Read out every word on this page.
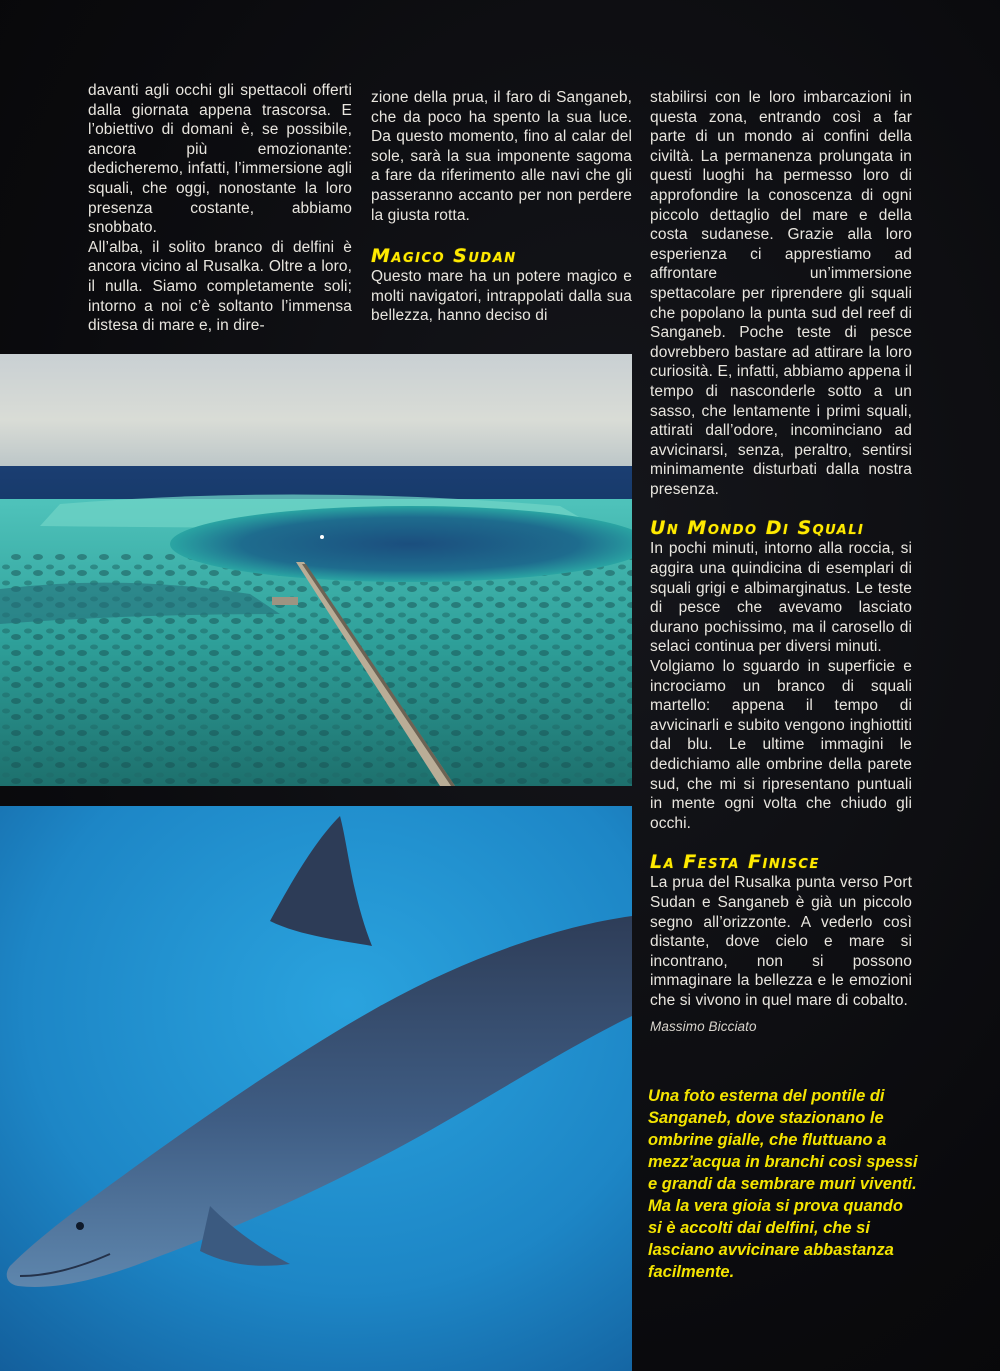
davanti agli occhi gli spettacoli offerti dalla giornata appena trascorsa. E l’obiettivo di domani è, se possibile, ancora più emozionante: dedicheremo, infatti, l’immersione agli squali, che oggi, nonostante la loro presenza costante, abbiamo snobbato.

All’alba, il solito branco di delfini è ancora vicino al Rusalka. Oltre a loro, il nulla. Siamo completamente soli; intorno a noi c’è soltanto l’immensa distesa di mare e, in dire-

zione della prua, il faro di Sanganeb, che da poco ha spento la sua luce. Da questo momento, fino al calar del sole, sarà la sua imponente sagoma a fare da riferimento alle navi che gli passeranno accanto per non perdere la giusta rotta.

Magico Sudan

Questo mare ha un potere magico e molti navigatori, intrappolati dalla sua bellezza, hanno deciso di

stabilirsi con le loro imbarcazioni in questa zona, entrando così a far parte di un mondo ai confini della civiltà. La permanenza prolungata in questi luoghi ha permesso loro di approfondire la conoscenza di ogni piccolo dettaglio del mare e della costa sudanese. Grazie alla loro esperienza ci apprestiamo ad affrontare un’immersione spettacolare per riprendere gli squali che popolano la punta sud del reef di Sanganeb. Poche teste di pesce dovrebbero bastare ad attirare la loro curiosità. E, infatti, abbiamo appena il tempo di nasconderle sotto a un sasso, che lentamente i primi squali, attirati dall’odore, incominciano ad avvicinarsi, senza, peraltro, sentirsi minimamente disturbati dalla nostra presenza.

Un Mondo Di Squali

In pochi minuti, intorno alla roccia, si aggira una quindicina di esemplari di squali grigi e albimarginatus. Le teste di pesce che avevamo lasciato durano pochissimo, ma il carosello di selaci continua per diversi minuti.

Volgiamo lo sguardo in superficie e incrociamo un branco di squali martello: appena il tempo di avvicinarli e subito vengono inghiottiti dal blu. Le ultime immagini le dedichiamo alle ombrine della parete sud, che mi si ripresentano puntuali in mente ogni volta che chiudo gli occhi.

La Festa Finisce

La prua del Rusalka punta verso Port Sudan e Sanganeb è già un piccolo segno all’orizzonte. A vederlo così distante, dove cielo e mare si incontrano, non si possono immaginare la bellezza e le emozioni che si vivono in quel mare di cobalto.

Massimo Bicciato

Una foto esterna del pontile di Sanganeb, dove stazionano le ombrine gialle, che fluttuano a mezz’acqua in branchi così spessi e grandi da sembrare muri viventi. Ma la vera gioia si prova quando si è accolti dai delfini, che si lasciano avvicinare abbastanza facilmente.
